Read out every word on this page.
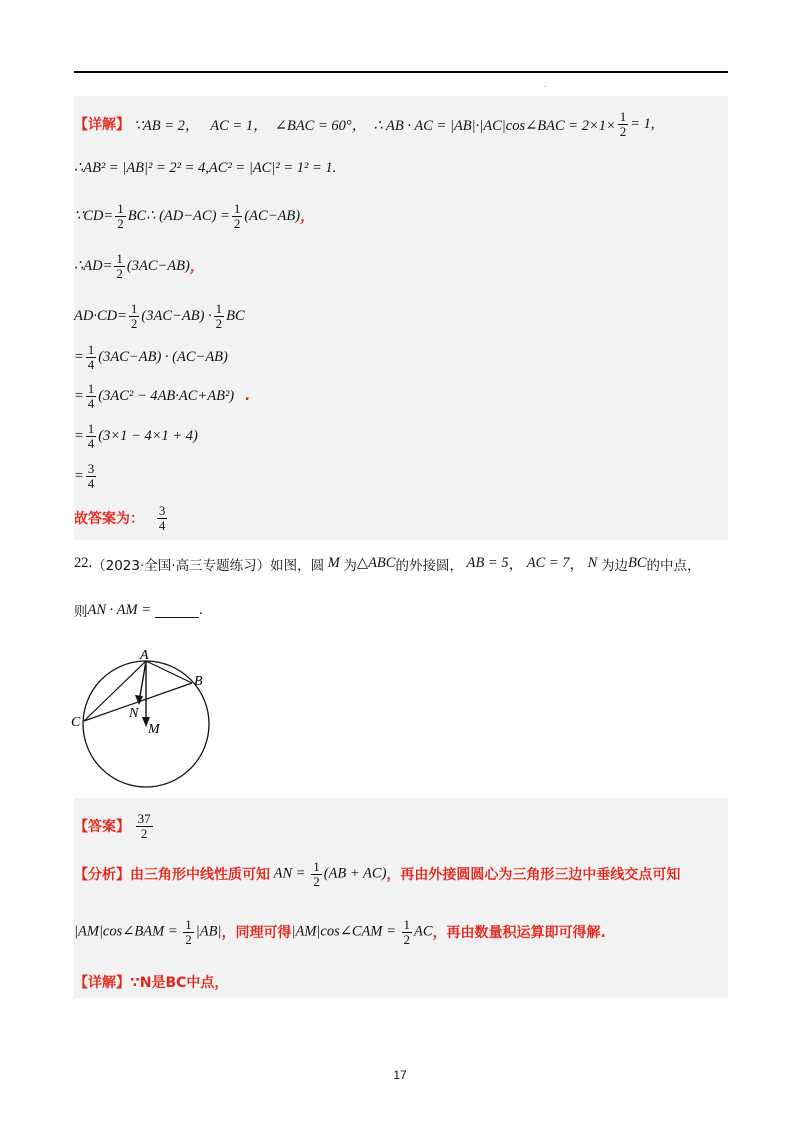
.
【详解】 ∵AB = 2，   AC = 1，  ∠BAC = 60°，  ∴ AB · AC = |AB|·|AC|cos∠BAC = $2\times 1\times \frac{1}{2} = 1$,
∴ AB ² = | AB |² = 2² = 4, AC ² = | AC |² = 1² = 1.
∵ CD = $\frac{1}{2}$ BC ∴ ( AD − AC ) = $\frac{1}{2}$ ( AC − AB ) ，
∴ AD = $\frac{1}{2} (3$ AC − AB ) ，
AD · CD = $\frac{1}{2} (3$ AC − AB ) · $\frac{1}{2}$ BC
= $\frac{1}{4} (3$ AC − AB ) · ( AC − AB )
= $\frac{1}{4} (3$ AC ² − 4 AB · AC + AB ²) .
= $\frac{1}{4} (3\times 1 - 4\times 1 + 4)$
= $\frac{3}{4}$
故答案为：
$\frac{3}{4}$
22. （2023·全国·高三专题练习） 如图，圆
M
为 △ABC 的外接圆，
AB = 5 ， AC = 7 ， N
为边 BC 的中点，
则 AN · AM =	.
A
B
C
N
M
【答案】
$\frac{37}{2}$
【分析】 由三角形中线性质可知 AN = $\frac{1}{2} (AB + AC)$ ，再由外接圆圆心为三角形三边中垂线交点可知
|AM|cos∠BAM = $\frac{1}{2} |AB|$ ，同理可得 |AM|cos∠CAM = $\frac{1}{2}$ AC ，再由数量积运算即可得解.
【详解】 ∵N是BC中点，
17
